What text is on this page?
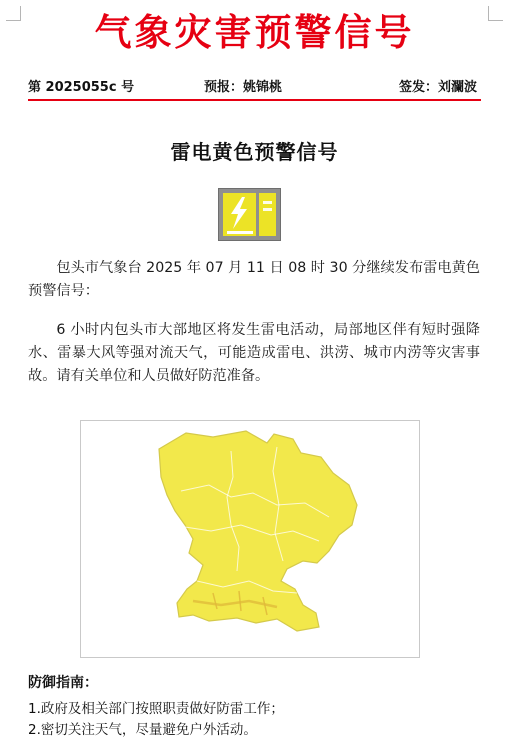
气象灾害预警信号
第 2025055c 号	预报：姚锦桃	签发：刘瀾波
雷电黄色预警信号

包头市气象台 2025 年 07 月 11 日 08 时 30 分继续发布雷电黄色预警信号：

6 小时内包头市大部地区将发生雷电活动，局部地区伴有短时强降水、雷暴大风等强对流天气，可能造成雷电、洪涝、城市内涝等灾害事故。请有关单位和人员做好防范准备。

防御指南：
1.政府及相关部门按照职责做好防雷工作；
2.密切关注天气，尽量避免户外活动。
